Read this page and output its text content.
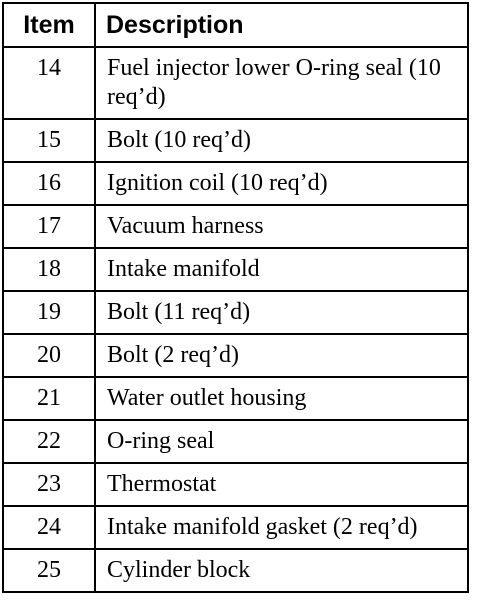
Item	Description
14	Fuel injector lower O-ring seal (10 req’d)
15	Bolt (10 req’d)
16	Ignition coil (10 req’d)
17	Vacuum harness
18	Intake manifold
19	Bolt (11 req’d)
20	Bolt (2 req’d)
21	Water outlet housing
22	O-ring seal
23	Thermostat
24	Intake manifold gasket (2 req’d)
25	Cylinder block
